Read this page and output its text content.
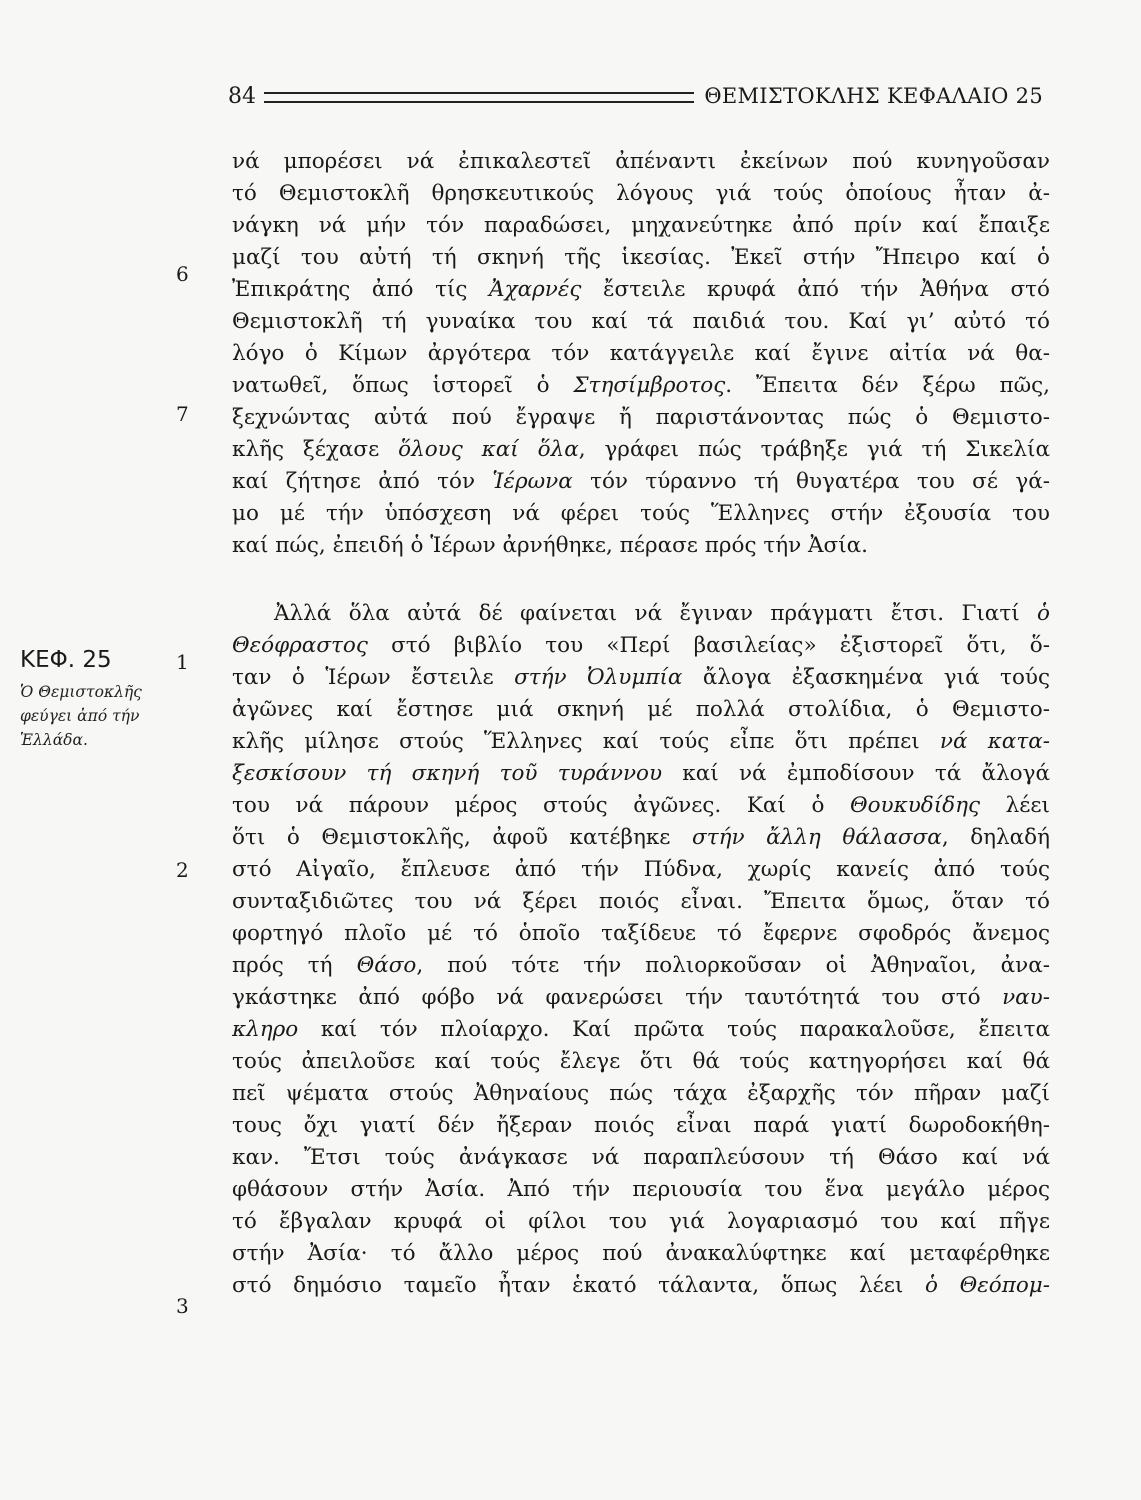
84	ΘΕΜΙΣΤΟΚΛΗΣ ΚΕΦΑΛΑΙΟ 25
6
7
1
2
3
ΚΕΦ. 25
Ὁ Θεμιστοκλῆς
φεύγει ἀπό τήν
Ἑλλάδα.
νά μπορέσει νά ἐπικαλεστεῖ ἀπέναντι ἐκείνων πού κυνηγοῦσαν
τό Θεμιστοκλῆ θρησκευτικούς λόγους γιά τούς ὁποίους ἦταν ἀ-
νάγκη νά μήν τόν παραδώσει, μηχανεύτηκε ἀπό πρίν καί ἔπαιξε
μαζί του αὐτή τή σκηνή τῆς ἱκεσίας. Ἐκεῖ στήν Ἤπειρο καί ὁ
Ἐπικράτης ἀπό τίς Ἀχαρνές ἔστειλε κρυφά ἀπό τήν Ἀθήνα στό
Θεμιστοκλῆ τή γυναίκα του καί τά παιδιά του. Καί γι’ αὐτό τό
λόγο ὁ Κίμων ἀργότερα τόν κατάγγειλε καί ἔγινε αἰτία νά θα-
νατωθεῖ, ὅπως ἱστορεῖ ὁ Στησίμβροτος. Ἔπειτα δέν ξέρω πῶς,
ξεχνώντας αὐτά πού ἔγραψε ἤ παριστάνοντας πώς ὁ Θεμιστο-
κλῆς ξέχασε ὅλους καί ὅλα, γράφει πώς τράβηξε γιά τή Σικελία
καί ζήτησε ἀπό τόν Ἱέρωνα τόν τύραννο τή θυγατέρα του σέ γά-
μο μέ τήν ὑπόσχεση νά φέρει τούς Ἕλληνες στήν ἐξουσία του
καί πώς, ἐπειδή ὁ Ἱέρων ἀρνήθηκε, πέρασε πρός τήν Ἀσία.
Ἀλλά ὅλα αὐτά δέ φαίνεται νά ἔγιναν πράγματι ἔτσι. Γιατί ὁ
Θεόφραστος στό βιβλίο του «Περί βασιλείας» ἐξιστορεῖ ὅτι, ὅ-
ταν ὁ Ἱέρων ἔστειλε στήν Ὀλυμπία ἄλογα ἐξασκημένα γιά τούς
ἀγῶνες καί ἔστησε μιά σκηνή μέ πολλά στολίδια, ὁ Θεμιστο-
κλῆς μίλησε στούς Ἕλληνες καί τούς εἶπε ὅτι πρέπει νά κατα-
ξεσκίσουν τή σκηνή τοῦ τυράννου καί νά ἐμποδίσουν τά ἄλογά
του νά πάρουν μέρος στούς ἀγῶνες. Καί ὁ Θουκυδίδης λέει
ὅτι ὁ Θεμιστοκλῆς, ἀφοῦ κατέβηκε στήν ἄλλη θάλασσα, δηλαδή
στό Αἰγαῖο, ἔπλευσε ἀπό τήν Πύδνα, χωρίς κανείς ἀπό τούς
συνταξιδιῶτες του νά ξέρει ποιός εἶναι. Ἔπειτα ὅμως, ὅταν τό
φορτηγό πλοῖο μέ τό ὁποῖο ταξίδευε τό ἔφερνε σφοδρός ἄνεμος
πρός τή Θάσο, πού τότε τήν πολιορκοῦσαν οἱ Ἀθηναῖοι, ἀνα-
γκάστηκε ἀπό φόβο νά φανερώσει τήν ταυτότητά του στό ναυ-
κληρο καί τόν πλοίαρχο. Καί πρῶτα τούς παρακαλοῦσε, ἔπειτα
τούς ἀπειλοῦσε καί τούς ἔλεγε ὅτι θά τούς κατηγορήσει καί θά
πεῖ ψέματα στούς Ἀθηναίους πώς τάχα ἐξαρχῆς τόν πῆραν μαζί
τους ὄχι γιατί δέν ἤξεραν ποιός εἶναι παρά γιατί δωροδοκήθη-
καν. Ἔτσι τούς ἀνάγκασε νά παραπλεύσουν τή Θάσο καί νά
φθάσουν στήν Ἀσία. Ἀπό τήν περιουσία του ἕνα μεγάλο μέρος
τό ἔβγαλαν κρυφά οἱ φίλοι του γιά λογαριασμό του καί πῆγε
στήν Ἀσία· τό ἄλλο μέρος πού ἀνακαλύφτηκε καί μεταφέρθηκε
στό δημόσιο ταμεῖο ἦταν ἑκατό τάλαντα, ὅπως λέει ὁ Θεόπομ-
